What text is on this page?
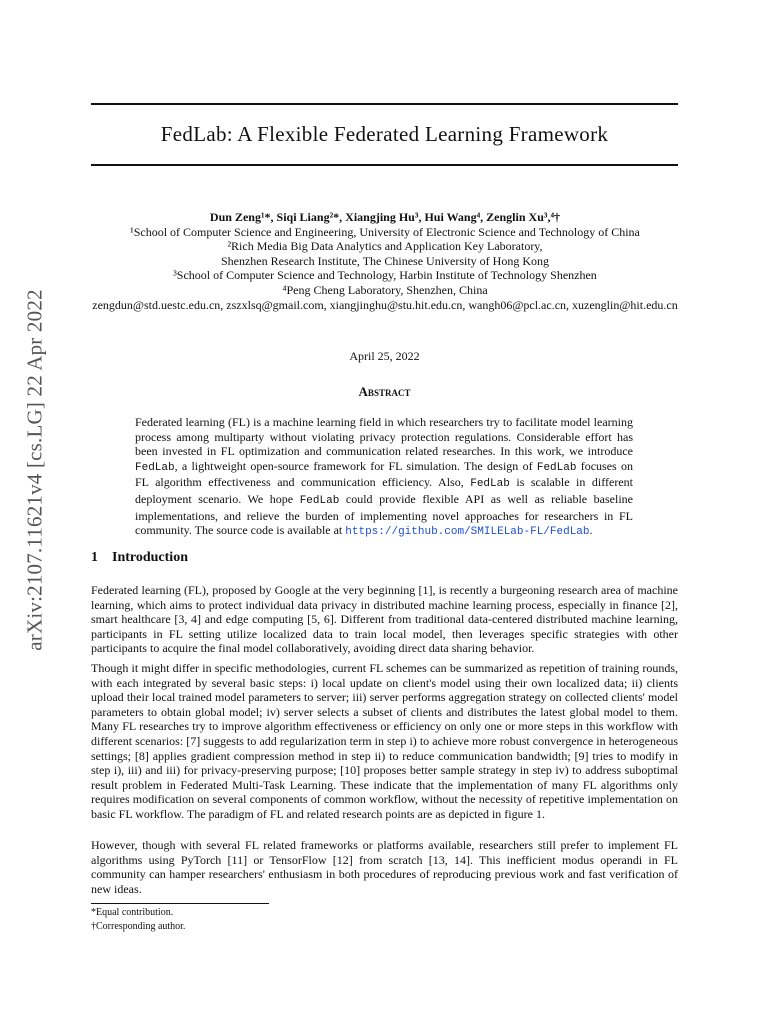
arXiv:2107.11621v4 [cs.LG] 22 Apr 2022
FedLab: A Flexible Federated Learning Framework
Dun Zeng¹*, Siqi Liang²*, Xiangjing Hu³, Hui Wang⁴, Zenglin Xu³,⁴†
¹School of Computer Science and Engineering, University of Electronic Science and Technology of China
²Rich Media Big Data Analytics and Application Key Laboratory,
Shenzhen Research Institute, The Chinese University of Hong Kong
³School of Computer Science and Technology, Harbin Institute of Technology Shenzhen
⁴Peng Cheng Laboratory, Shenzhen, China
zengdun@std.uestc.edu.cn, zszxlsq@gmail.com, xiangjinghu@stu.hit.edu.cn, wangh06@pcl.ac.cn, xuzenglin@hit.edu.cn
April 25, 2022
Abstract
Federated learning (FL) is a machine learning field in which researchers try to facilitate model learning process among multiparty without violating privacy protection regulations. Considerable effort has been invested in FL optimization and communication related researches. In this work, we introduce FedLab, a lightweight open-source framework for FL simulation. The design of FedLab focuses on FL algorithm effectiveness and communication efficiency. Also, FedLab is scalable in different deployment scenario. We hope FedLab could provide flexible API as well as reliable baseline implementations, and relieve the burden of implementing novel approaches for researchers in FL community. The source code is available at https://github.com/SMILELab-FL/FedLab.
1 Introduction
Federated learning (FL), proposed by Google at the very beginning [1], is recently a burgeoning research area of machine learning, which aims to protect individual data privacy in distributed machine learning process, especially in finance [2], smart healthcare [3, 4] and edge computing [5, 6]. Different from traditional data-centered distributed machine learning, participants in FL setting utilize localized data to train local model, then leverages specific strategies with other participants to acquire the final model collaboratively, avoiding direct data sharing behavior.
Though it might differ in specific methodologies, current FL schemes can be summarized as repetition of training rounds, with each integrated by several basic steps: i) local update on client's model using their own localized data; ii) clients upload their local trained model parameters to server; iii) server performs aggregation strategy on collected clients' model parameters to obtain global model; iv) server selects a subset of clients and distributes the latest global model to them. Many FL researches try to improve algorithm effectiveness or efficiency on only one or more steps in this workflow with different scenarios: [7] suggests to add regularization term in step i) to achieve more robust convergence in heterogeneous settings; [8] applies gradient compression method in step ii) to reduce communication bandwidth; [9] tries to modify in step i), iii) and iii) for privacy-preserving purpose; [10] proposes better sample strategy in step iv) to address suboptimal result problem in Federated Multi-Task Learning. These indicate that the implementation of many FL algorithms only requires modification on several components of common workflow, without the necessity of repetitive implementation on basic FL workflow. The paradigm of FL and related research points are as depicted in figure 1.
However, though with several FL related frameworks or platforms available, researchers still prefer to implement FL algorithms using PyTorch [11] or TensorFlow [12] from scratch [13, 14]. This inefficient modus operandi in FL community can hamper researchers' enthusiasm in both procedures of reproducing previous work and fast verification of new ideas.
*Equal contribution.
†Corresponding author.
